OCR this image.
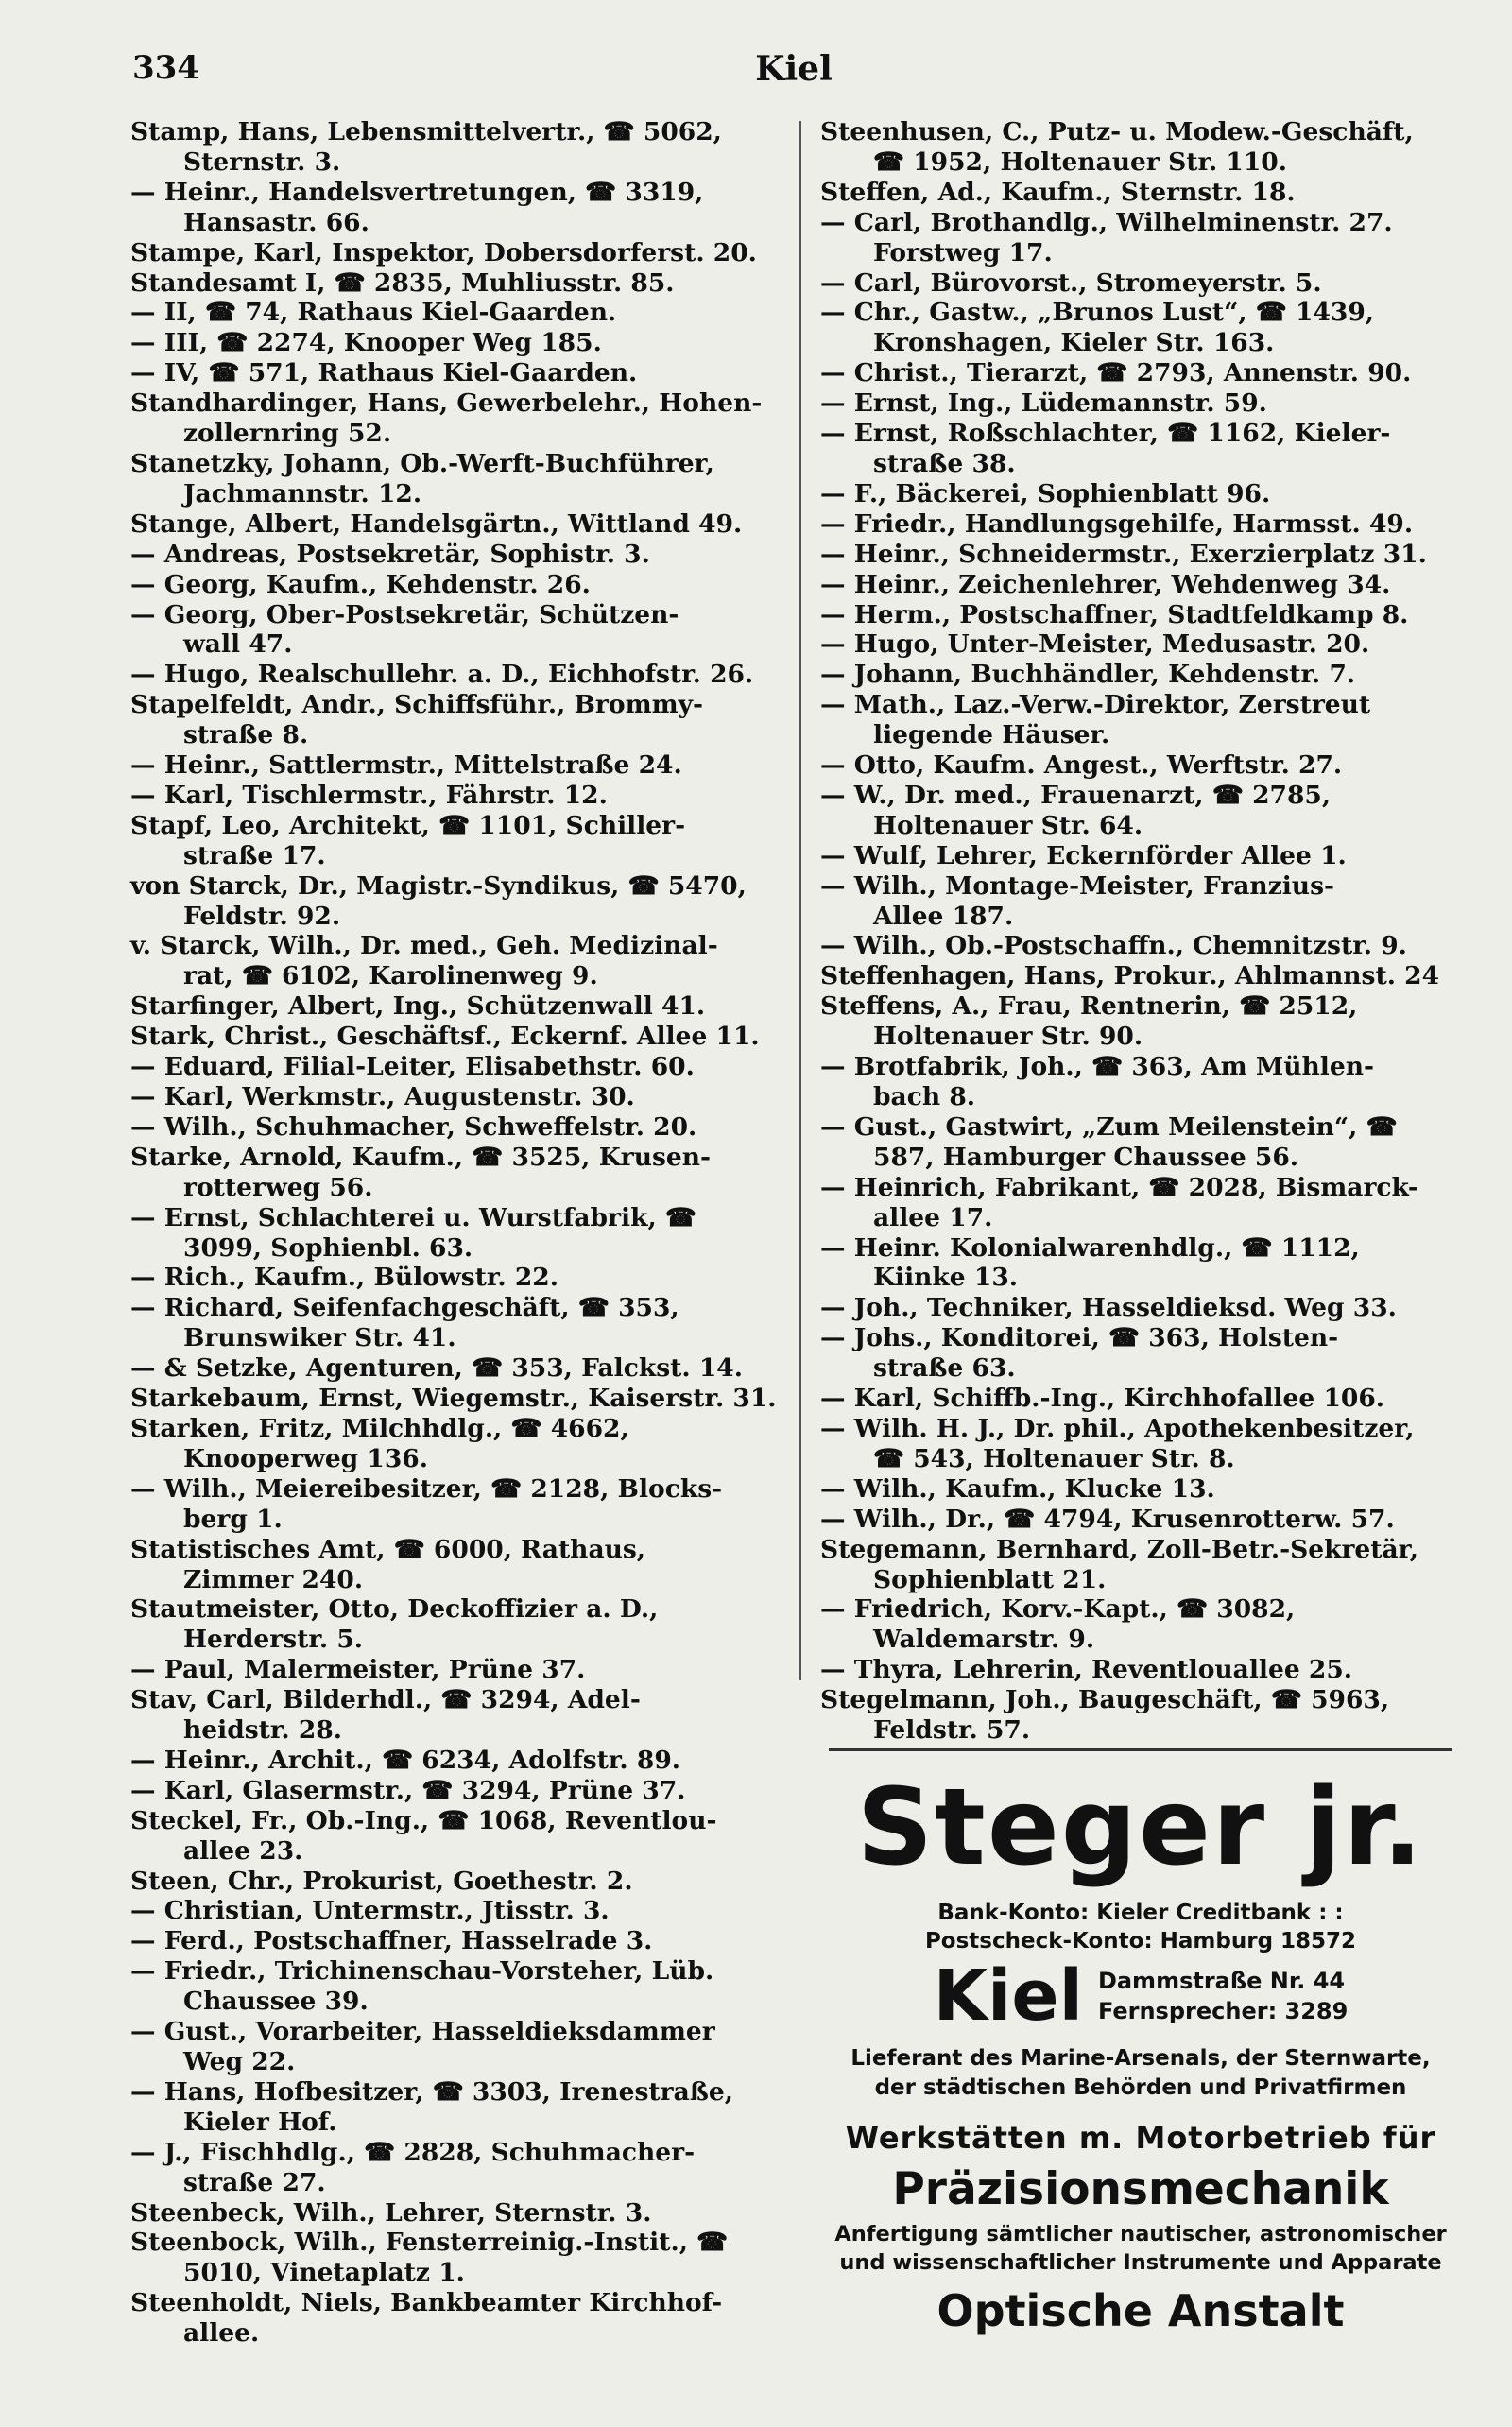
334	Kiel
Stamp, Hans, Lebensmittelvertr., ☎ 5062,
Sternstr. 3.
— Heinr., Handelsvertretungen, ☎ 3319,
Hansastr. 66.
Stampe, Karl, Inspektor, Dobersdorferst. 20.
Standesamt I, ☎ 2835, Muhliusstr. 85.
— II, ☎ 74, Rathaus Kiel-Gaarden.
— III, ☎ 2274, Knooper Weg 185.
— IV, ☎ 571, Rathaus Kiel-Gaarden.
Standhardinger, Hans, Gewerbelehr., Hohen-
zollernring 52.
Stanetzky, Johann, Ob.-Werft-Buchführer,
Jachmannstr. 12.
Stange, Albert, Handelsgärtn., Wittland 49.
— Andreas, Postsekretär, Sophistr. 3.
— Georg, Kaufm., Kehdenstr. 26.
— Georg, Ober-Postsekretär, Schützen-
wall 47.
— Hugo, Realschullehr. a. D., Eichhofstr. 26.
Stapelfeldt, Andr., Schiffsführ., Brommy-
straße 8.
— Heinr., Sattlermstr., Mittelstraße 24.
— Karl, Tischlermstr., Fährstr. 12.
Stapf, Leo, Architekt, ☎ 1101, Schiller-
straße 17.
von Starck, Dr., Magistr.-Syndikus, ☎ 5470,
Feldstr. 92.
v. Starck, Wilh., Dr. med., Geh. Medizinal-
rat, ☎ 6102, Karolinenweg 9.
Starfinger, Albert, Ing., Schützenwall 41.
Stark, Christ., Geschäftsf., Eckernf. Allee 11.
— Eduard, Filial-Leiter, Elisabethstr. 60.
— Karl, Werkmstr., Augustenstr. 30.
— Wilh., Schuhmacher, Schweffelstr. 20.
Starke, Arnold, Kaufm., ☎ 3525, Krusen-
rotterweg 56.
— Ernst, Schlachterei u. Wurstfabrik, ☎
3099, Sophienbl. 63.
— Rich., Kaufm., Bülowstr. 22.
— Richard, Seifenfachgeschäft, ☎ 353,
Brunswiker Str. 41.
— & Setzke, Agenturen, ☎ 353, Falckst. 14.
Starkebaum, Ernst, Wiegemstr., Kaiserstr. 31.
Starken, Fritz, Milchhdlg., ☎ 4662,
Knooperweg 136.
— Wilh., Meiereibesitzer, ☎ 2128, Blocks-
berg 1.
Statistisches Amt, ☎ 6000, Rathaus,
Zimmer 240.
Stautmeister, Otto, Deckoffizier a. D.,
Herderstr. 5.
— Paul, Malermeister, Prüne 37.
Stav, Carl, Bilderhdl., ☎ 3294, Adel-
heidstr. 28.
— Heinr., Archit., ☎ 6234, Adolfstr. 89.
— Karl, Glasermstr., ☎ 3294, Prüne 37.
Steckel, Fr., Ob.-Ing., ☎ 1068, Reventlou-
allee 23.
Steen, Chr., Prokurist, Goethestr. 2.
— Christian, Untermstr., Jtisstr. 3.
— Ferd., Postschaffner, Hasselrade 3.
— Friedr., Trichinenschau-Vorsteher, Lüb.
Chaussee 39.
— Gust., Vorarbeiter, Hasseldieksdammer
Weg 22.
— Hans, Hofbesitzer, ☎ 3303, Irenestraße,
Kieler Hof.
— J., Fischhdlg., ☎ 2828, Schuhmacher-
straße 27.
Steenbeck, Wilh., Lehrer, Sternstr. 3.
Steenbock, Wilh., Fensterreinig.-Instit., ☎
5010, Vinetaplatz 1.
Steenholdt, Niels, Bankbeamter Kirchhof-
allee.
Steenhusen, C., Putz- u. Modew.-Geschäft,
☎ 1952, Holtenauer Str. 110.
Steffen, Ad., Kaufm., Sternstr. 18.
— Carl, Brothandlg., Wilhelminenstr. 27.
Forstweg 17.
— Carl, Bürovorst., Stromeyerstr. 5.
— Chr., Gastw., „Brunos Lust“, ☎ 1439,
Kronshagen, Kieler Str. 163.
— Christ., Tierarzt, ☎ 2793, Annenstr. 90.
— Ernst, Ing., Lüdemannstr. 59.
— Ernst, Roßschlachter, ☎ 1162, Kieler-
straße 38.
— F., Bäckerei, Sophienblatt 96.
— Friedr., Handlungsgehilfe, Harmsst. 49.
— Heinr., Schneidermstr., Exerzierplatz 31.
— Heinr., Zeichenlehrer, Wehdenweg 34.
— Herm., Postschaffner, Stadtfeldkamp 8.
— Hugo, Unter-Meister, Medusastr. 20.
— Johann, Buchhändler, Kehdenstr. 7.
— Math., Laz.-Verw.-Direktor, Zerstreut
liegende Häuser.
— Otto, Kaufm. Angest., Werftstr. 27.
— W., Dr. med., Frauenarzt, ☎ 2785,
Holtenauer Str. 64.
— Wulf, Lehrer, Eckernförder Allee 1.
— Wilh., Montage-Meister, Franzius-
Allee 187.
— Wilh., Ob.-Postschaffn., Chemnitzstr. 9.
Steffenhagen, Hans, Prokur., Ahlmannst. 24
Steffens, A., Frau, Rentnerin, ☎ 2512,
Holtenauer Str. 90.
— Brotfabrik, Joh., ☎ 363, Am Mühlen-
bach 8.
— Gust., Gastwirt, „Zum Meilenstein“, ☎
587, Hamburger Chaussee 56.
— Heinrich, Fabrikant, ☎ 2028, Bismarck-
allee 17.
— Heinr. Kolonialwarenhdlg., ☎ 1112,
Kiinke 13.
— Joh., Techniker, Hasseldieksd. Weg 33.
— Johs., Konditorei, ☎ 363, Holsten-
straße 63.
— Karl, Schiffb.-Ing., Kirchhofallee 106.
— Wilh. H. J., Dr. phil., Apothekenbesitzer,
☎ 543, Holtenauer Str. 8.
— Wilh., Kaufm., Klucke 13.
— Wilh., Dr., ☎ 4794, Krusenrotterw. 57.
Stegemann, Bernhard, Zoll-Betr.-Sekretär,
Sophienblatt 21.
— Friedrich, Korv.-Kapt., ☎ 3082,
Waldemarstr. 9.
— Thyra, Lehrerin, Reventlouallee 25.
Stegelmann, Joh., Baugeschäft, ☎ 5963,
Feldstr. 57.
Steger jr.
Bank-Konto: Kieler Creditbank : :
Postscheck-Konto: Hamburg 18572
Kiel Dammstraße Nr. 44
Fernsprecher: 3289
Lieferant des Marine-Arsenals, der Sternwarte,
der städtischen Behörden und Privatfirmen
Werkstätten m. Motorbetrieb für
Präzisionsmechanik
Anfertigung sämtlicher nautischer, astronomischer
und wissenschaftlicher Instrumente und Apparate
Optische Anstalt
